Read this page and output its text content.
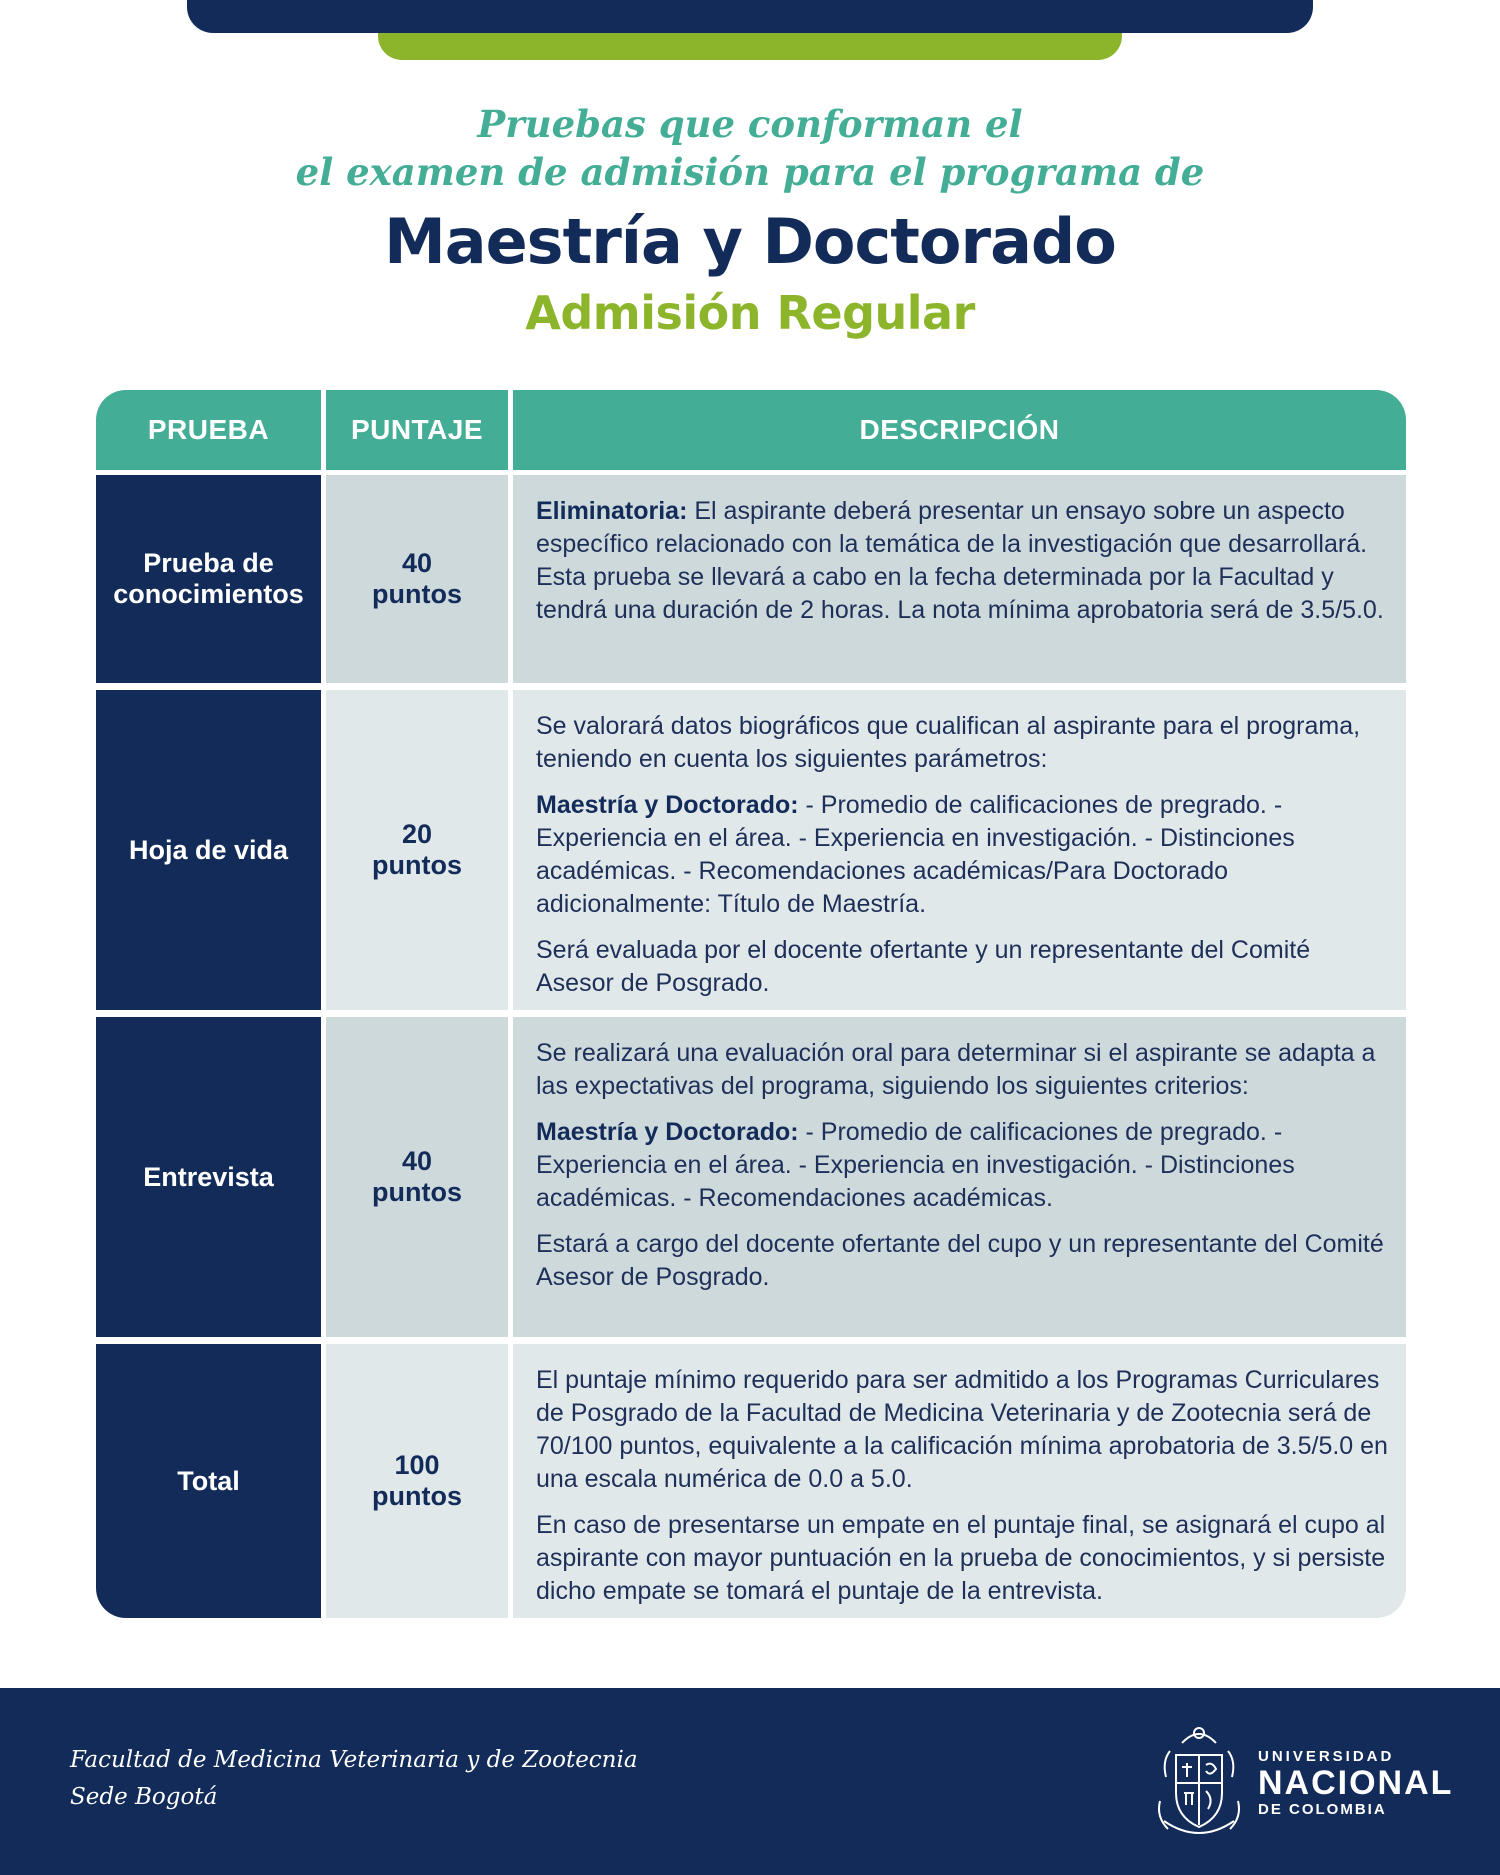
Pruebas que conforman el
el examen de admisión para el programa de
Maestría y Doctorado
Admisión Regular
PRUEBA	PUNTAJE	DESCRIPCIÓN
Prueba de conocimientos
40
puntos

Eliminatoria: El aspirante deberá presentar un ensayo sobre un aspecto específico relacionado con la temática de la investigación que desarrollará. Esta prueba se llevará a cabo en la fecha determinada por la Facultad y tendrá una duración de 2 horas. La nota mínima aprobatoria será de 3.5/5.0.

Hoja de vida
20
puntos

Se valorará datos biográficos que cualifican al aspirante para el programa, teniendo en cuenta los siguientes parámetros:

Maestría y Doctorado: - Promedio de calificaciones de pregrado. - Experiencia en el área. - Experiencia en investigación. - Distinciones académicas. - Recomendaciones académicas/Para Doctorado adicionalmente: Título de Maestría.

Será evaluada por el docente ofertante y un representante del Comité Asesor de Posgrado.

Entrevista
40
puntos

Se realizará una evaluación oral para determinar si el aspirante se adapta a las expectativas del programa, siguiendo los siguientes criterios:

Maestría y Doctorado: - Promedio de calificaciones de pregrado. - Experiencia en el área. - Experiencia en investigación. - Distinciones académicas. - Recomendaciones académicas.

Estará a cargo del docente ofertante del cupo y un representante del Comité Asesor de Posgrado.

Total
100
puntos

El puntaje mínimo requerido para ser admitido a los Programas Curriculares de Posgrado de la Facultad de Medicina Veterinaria y de Zootecnia será de 70/100 puntos, equivalente a la calificación mínima aprobatoria de 3.5/5.0 en una escala numérica de 0.0 a 5.0.

En caso de presentarse un empate en el puntaje final, se asignará el cupo al aspirante con mayor puntuación en la prueba de conocimientos, y si persiste dicho empate se tomará el puntaje de la entrevista.

Facultad de Medicina Veterinaria y de Zootecnia
Sede Bogotá
UNIVERSIDAD
NACIONAL
DE COLOMBIA
